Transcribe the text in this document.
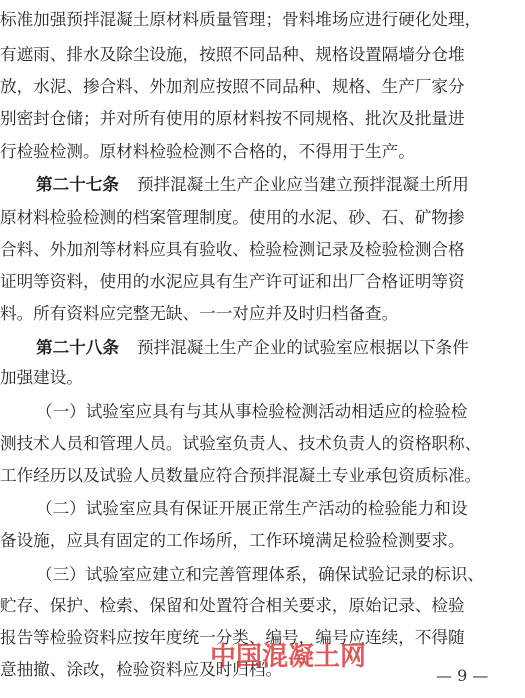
标准加强预拌混凝土原材料质量管理；骨料堆场应进行硬化处理，
有遮雨、排水及除尘设施，按照不同品种、规格设置隔墙分仓堆
放，水泥、掺合料、外加剂应按照不同品种、规格、生产厂家分
别密封仓储；并对所有使用的原材料按不同规格、批次及批量进
行检验检测。原材料检验检测不合格的，不得用于生产。
第二十七条 预拌混凝土生产企业应当建立预拌混凝土所用
原材料检验检测的档案管理制度。使用的水泥、砂、石、矿物掺
合料、外加剂等材料应具有验收、检验检测记录及检验检测合格
证明等资料，使用的水泥应具有生产许可证和出厂合格证明等资
料。所有资料应完整无缺、一一对应并及时归档备查。
第二十八条 预拌混凝土生产企业的试验室应根据以下条件
加强建设。
（一）试验室应具有与其从事检验检测活动相适应的检验检
测技术人员和管理人员。试验室负责人、技术负责人的资格职称、
工作经历以及试验人员数量应符合预拌混凝土专业承包资质标准。
（二）试验室应具有保证开展正常生产活动的检验能力和设
备设施，应具有固定的工作场所，工作环境满足检验检测要求。
（三）试验室应建立和完善管理体系，确保试验记录的标识、
贮存、保护、检索、保留和处置符合相关要求，原始记录、检验
报告等检验资料应按年度统一分类、编号，编号应连续，不得随
意抽撤、涂改，检验资料应及时归档。
中国混凝土网
— 9 —
